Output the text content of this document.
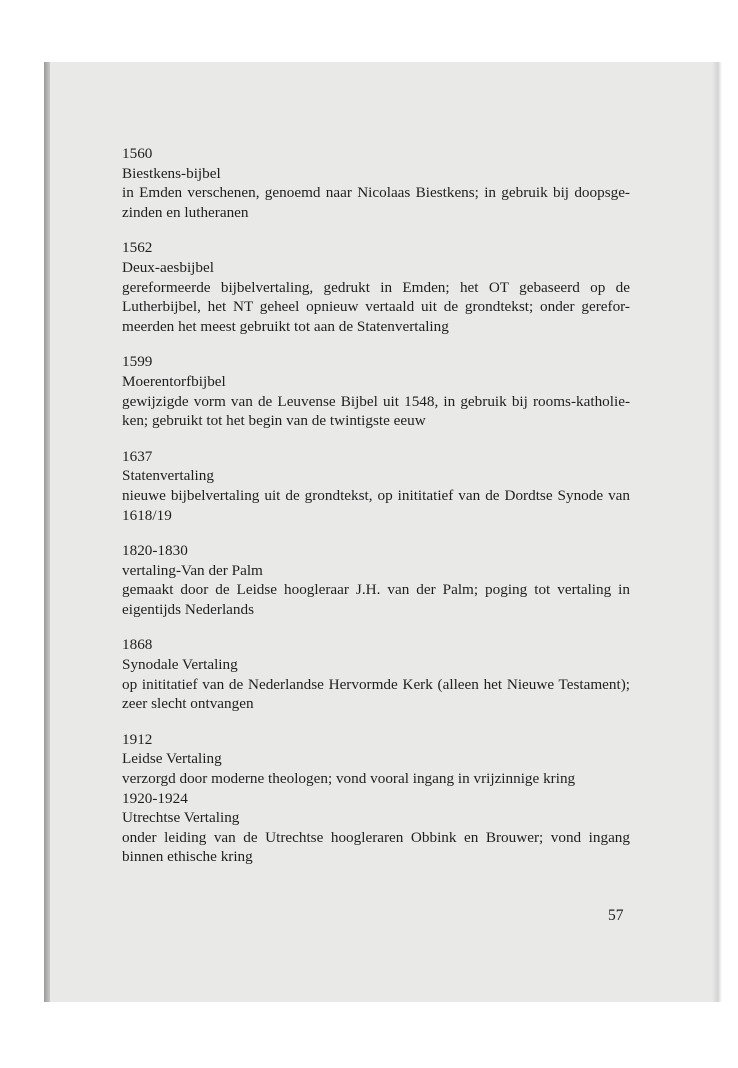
1560
Biestkens-bijbel
in Emden verschenen, genoemd naar Nicolaas Biestkens; in gebruik bij doopsge-zinden en lutheranen
1562
Deux-aesbijbel
gereformeerde bijbelvertaling, gedrukt in Emden; het OT gebaseerd op de Lutherbijbel, het NT geheel opnieuw vertaald uit de grondtekst; onder gerefor-meerden het meest gebruikt tot aan de Statenvertaling
1599
Moerentorfbijbel
gewijzigde vorm van de Leuvense Bijbel uit 1548, in gebruik bij rooms-katholie-ken; gebruikt tot het begin van de twintigste eeuw
1637
Statenvertaling
nieuwe bijbelvertaling uit de grondtekst, op inititatief van de Dordtse Synode van 1618/19
1820-1830
vertaling-Van der Palm
gemaakt door de Leidse hoogleraar J.H. van der Palm; poging tot vertaling in eigentijds Nederlands
1868
Synodale Vertaling
op inititatief van de Nederlandse Hervormde Kerk (alleen het Nieuwe Testament); zeer slecht ontvangen
1912
Leidse Vertaling
verzorgd door moderne theologen; vond vooral ingang in vrijzinnige kring
1920-1924
Utrechtse Vertaling
onder leiding van de Utrechtse hoogleraren Obbink en Brouwer; vond ingang binnen ethische kring
57
